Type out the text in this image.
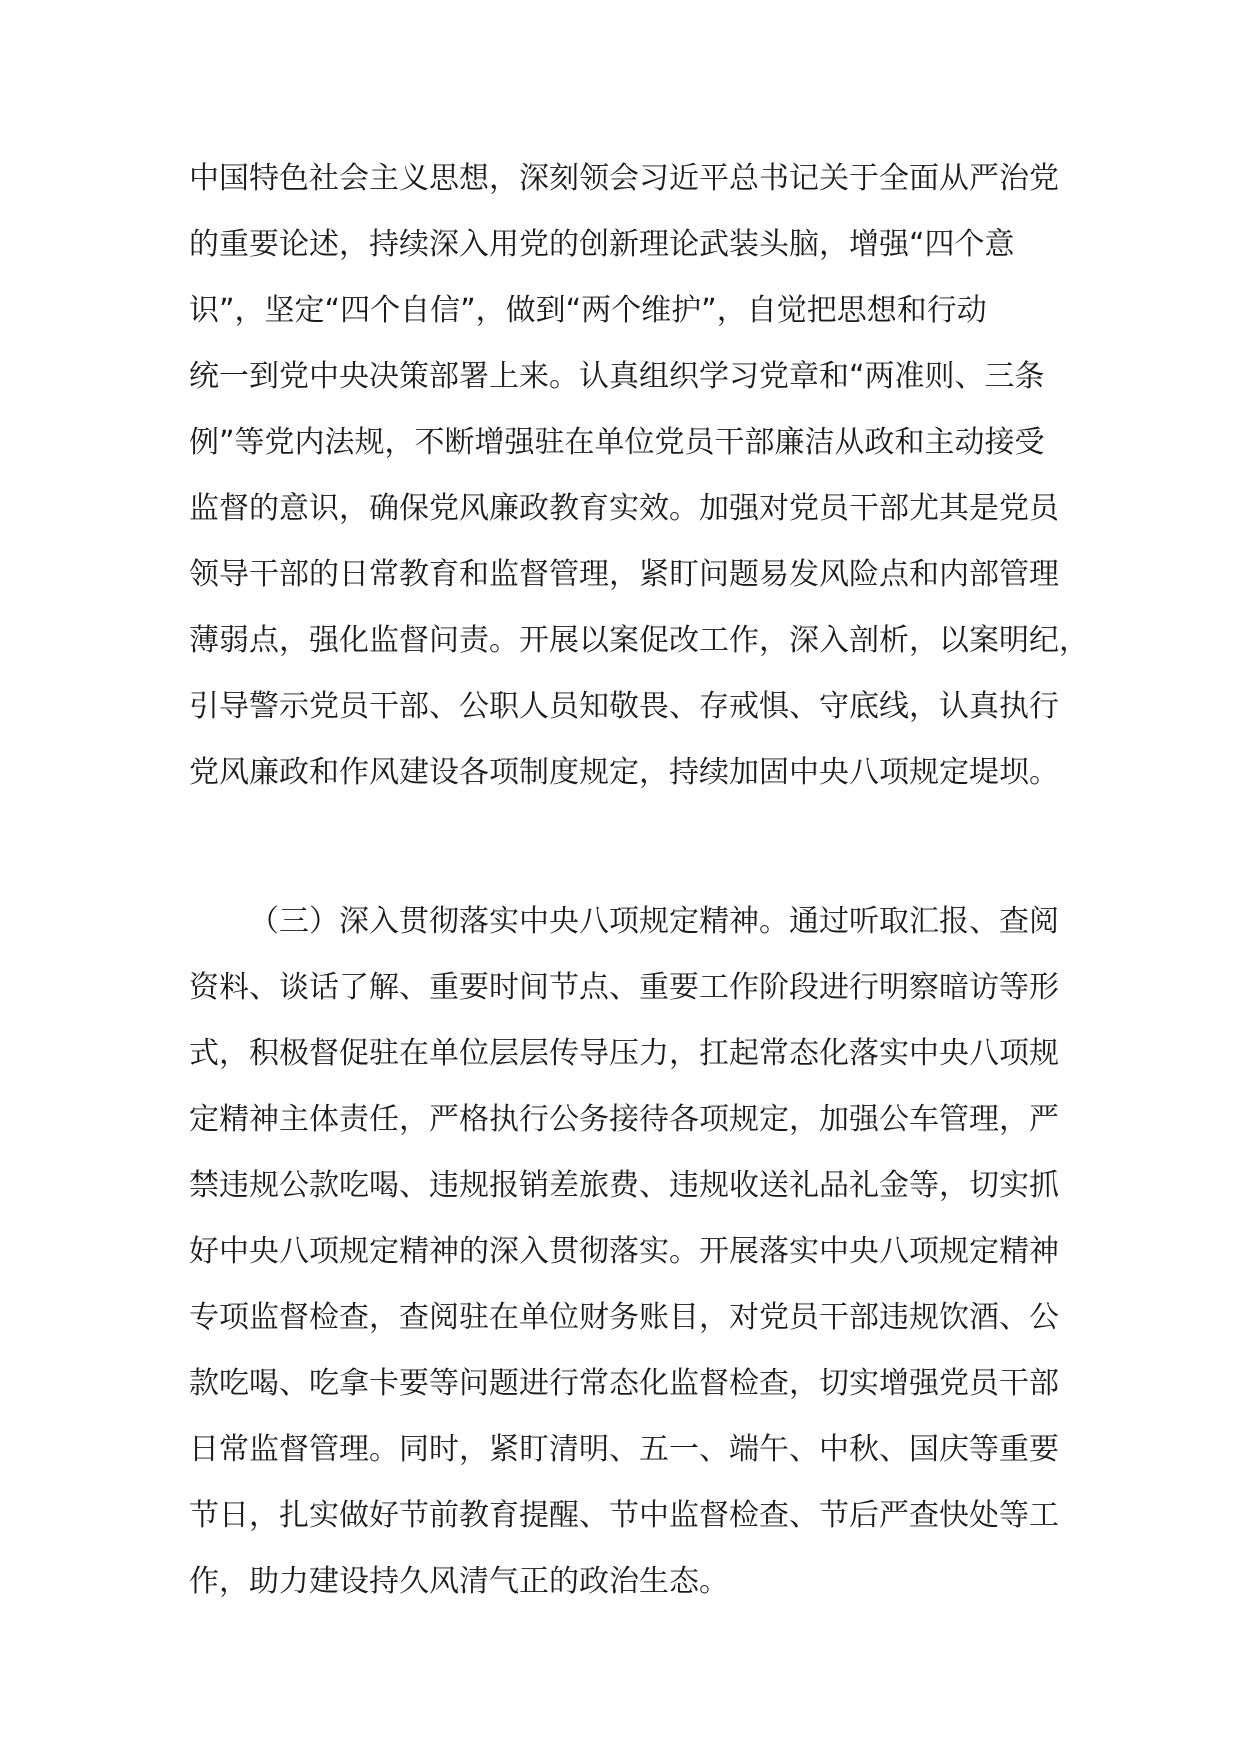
中国特色社会主义思想，深刻领会习近平总书记关于全面从严治党
的重要论述，持续深入用党的创新理论武装头脑，增强“四个意
识”，坚定“四个自信”，做到“两个维护”，自觉把思想和行动
统一到党中央决策部署上来。认真组织学习党章和“两准则、三条
例”等党内法规，不断增强驻在单位党员干部廉洁从政和主动接受
监督的意识，确保党风廉政教育实效。加强对党员干部尤其是党员
领导干部的日常教育和监督管理，紧盯问题易发风险点和内部管理
薄弱点，强化监督问责。开展以案促改工作，深入剖析，以案明纪，
引导警示党员干部、公职人员知敬畏、存戒惧、守底线，认真执行
党风廉政和作风建设各项制度规定，持续加固中央八项规定堤坝。
（三）深入贯彻落实中央八项规定精神。通过听取汇报、查阅
资料、谈话了解、重要时间节点、重要工作阶段进行明察暗访等形
式，积极督促驻在单位层层传导压力，扛起常态化落实中央八项规
定精神主体责任，严格执行公务接待各项规定，加强公车管理，严
禁违规公款吃喝、违规报销差旅费、违规收送礼品礼金等，切实抓
好中央八项规定精神的深入贯彻落实。开展落实中央八项规定精神
专项监督检查，查阅驻在单位财务账目，对党员干部违规饮酒、公
款吃喝、吃拿卡要等问题进行常态化监督检查，切实增强党员干部
日常监督管理。同时，紧盯清明、五一、端午、中秋、国庆等重要
节日，扎实做好节前教育提醒、节中监督检查、节后严查快处等工
作，助力建设持久风清气正的政治生态。
